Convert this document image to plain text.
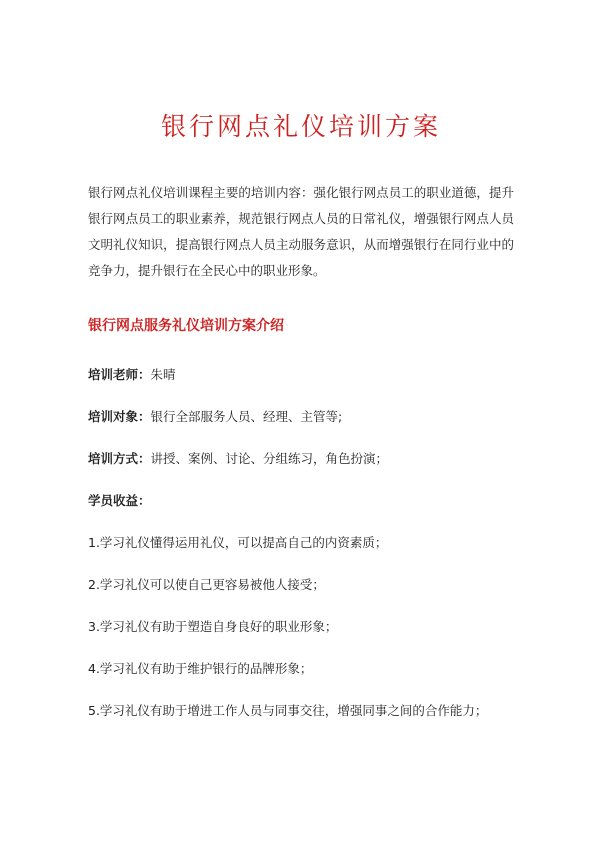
银行网点礼仪培训方案

银行网点礼仪培训课程主要的培训内容：强化银行网点员工的职业道德，提升银行网点员工的职业素养，规范银行网点人员的日常礼仪，增强银行网点人员文明礼仪知识，提高银行网点人员主动服务意识，从而增强银行在同行业中的竞争力，提升银行在全民心中的职业形象。

银行网点服务礼仪培训方案介绍

培训老师：朱晴

培训对象：银行全部服务人员、经理、主管等;

培训方式：讲授、案例、讨论、分组练习，角色扮演；

学员收益：

1.学习礼仪懂得运用礼仪，可以提高自己的内资素质；
2.学习礼仪可以使自己更容易被他人接受；
3.学习礼仪有助于塑造自身良好的职业形象；
4.学习礼仪有助于维护银行的品牌形象；
5.学习礼仪有助于增进工作人员与同事交往，增强同事之间的合作能力；
